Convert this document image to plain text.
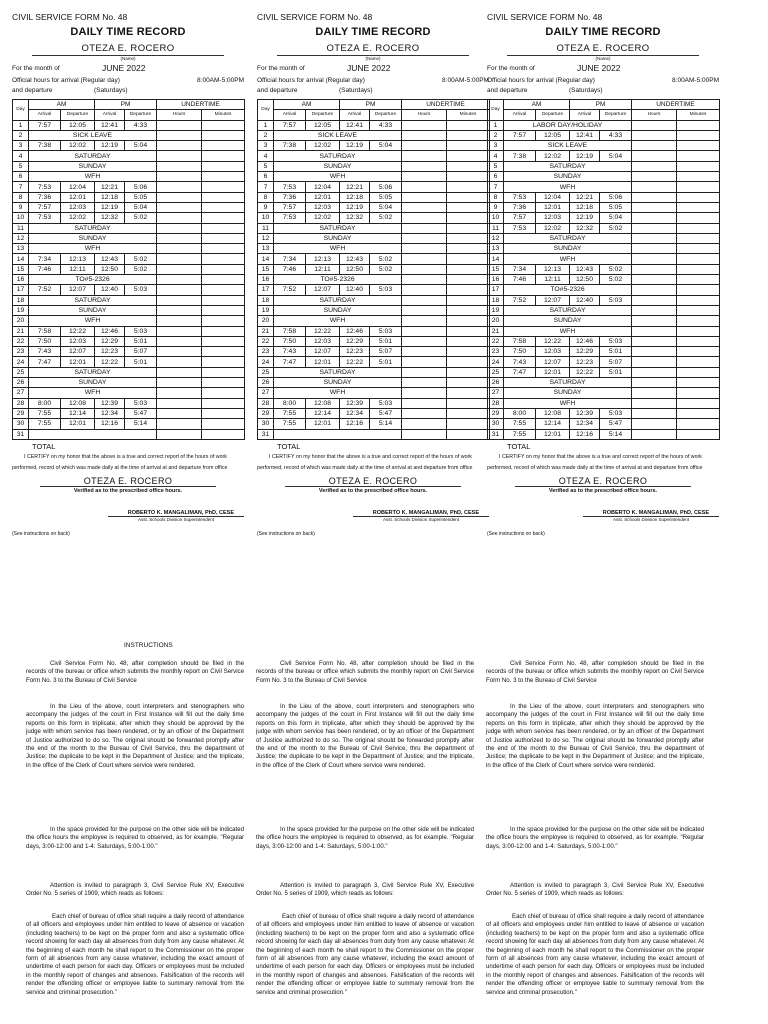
CIVIL SERVICE FORM No. 48
DAILY TIME RECORD
OTEZA E. ROCERO
(Name)
For the month of	JUNE 2022
Official hours for arrival (Regular day)	8:00AM-5:00PM
and departure	(Saturdays)
Day	AM		PM		UNDERTIME	
	Arrival	Departure	Arrival	Departure	Hours	Minutes
1	7:57	12:05	12:41	4:33		
2	SICK LEAVE					
3	7:38	12:02	12:19	5:04		
4	SATURDAY					
5	SUNDAY					
6	WFH					
7	7:53	12:04	12:21	5:06		
8	7:36	12:01	12:18	5:05		
9	7:57	12:03	12:19	5:04		
10	7:53	12:02	12:32	5:02		
11	SATURDAY					
12	SUNDAY					
13	WFH					
14	7:34	12:13	12:43	5:02		
15	7:46	12:11	12:50	5:02		
16	TO#5-2326					
17	7:52	12:07	12:40	5:03		
18	SATURDAY					
19	SUNDAY					
20	WFH					
21	7:58	12:22	12:46	5:03		
22	7:50	12:03	12:29	5:01		
23	7:43	12:07	12:23	5:07		
24	7:47	12:01	12:22	5:01		
25	SATURDAY					
26	SUNDAY					
27	WFH					
28	8:00	12:08	12:39	5:03		
29	7:55	12:14	12:34	5:47		
30	7:55	12:01	12:16	5:14		
31						
TOTAL
I CERTIFY on my honor that the above is a true and correct report of the hours of work performed, record of which was made daily at the time of arrival at and departure from office
OTEZA E. ROCERO
Verified as to the prescribed office hours.
ROBERTO K. MANGALIMAN, PhD, CESE
Asst. Schools Division Superintendent
(See instructions on back)
CIVIL SERVICE FORM No. 48
DAILY TIME RECORD
OTEZA E. ROCERO
(Name)
For the month of	JUNE 2022
Official hours for arrival (Regular day)	8:00AM-5:00PM
and departure	(Saturdays)
Day	AM		PM		UNDERTIME	
	Arrival	Departure	Arrival	Departure	Hours	Minutes
1	7:57	12:05	12:41	4:33		
2	SICK LEAVE					
3	7:38	12:02	12:19	5:04		
4	SATURDAY					
5	SUNDAY					
6	WFH					
7	7:53	12:04	12:21	5:06		
8	7:36	12:01	12:18	5:05		
9	7:57	12:03	12:19	5:04		
10	7:53	12:02	12:32	5:02		
11	SATURDAY					
12	SUNDAY					
13	WFH					
14	7:34	12:13	12:43	5:02		
15	7:46	12:11	12:50	5:02		
16	TO#5-2326					
17	7:52	12:07	12:40	5:03		
18	SATURDAY					
19	SUNDAY					
20	WFH					
21	7:58	12:22	12:46	5:03		
22	7:50	12:03	12:29	5:01		
23	7:43	12:07	12:23	5:07		
24	7:47	12:01	12:22	5:01		
25	SATURDAY					
26	SUNDAY					
27	WFH					
28	8:00	12:08	12:39	5:03		
29	7:55	12:14	12:34	5:47		
30	7:55	12:01	12:16	5:14		
31						
TOTAL
I CERTIFY on my honor that the above is a true and correct report of the hours of work performed, record of which was made daily at the time of arrival at and departure from office
OTEZA E. ROCERO
Verified as to the prescribed office hours.
ROBERTO K. MANGALIMAN, PhD, CESE
Asst. Schools Division Superintendent
(See instructions on back)
CIVIL SERVICE FORM No. 48
DAILY TIME RECORD
OTEZA E. ROCERO
(Name)
For the month of	JUNE 2022
Official hours for arrival (Regular day)	8:00AM-5:00PM
and departure	(Saturdays)
Day	AM		PM		UNDERTIME	
	Arrival	Departure	Arrival	Departure	Hours	Minutes
1	LABOR DAY/HOLIDAY					
2	7:57	12:05	12:41	4:33		
3	SICK LEAVE					
4	7:38	12:02	12:19	5:04		
5	SATURDAY					
6	SUNDAY					
7	WFH					
8	7:53	12:04	12:21	5:06		
9	7:36	12:01	12:18	5:05		
10	7:57	12:03	12:19	5:04		
11	7:53	12:02	12:32	5:02		
12	SATURDAY					
13	SUNDAY					
14	WFH					
15	7:34	12:13	12:43	5:02		
16	7:46	12:11	12:50	5:02		
17	TO#5-2326					
18	7:52	12:07	12:40	5:03		
19	SATURDAY					
20	SUNDAY					
21	WFH					
22	7:58	12:22	12:46	5:03		
23	7:50	12:03	12:29	5:01		
24	7:43	12:07	12:23	5:07		
25	7:47	12:01	12:22	5:01		
26	SATURDAY					
27	SUNDAY					
28	WFH					
29	8:00	12:08	12:39	5:03		
30	7:55	12:14	12:34	5:47		
31	7:55	12:01	12:16	5:14		
TOTAL
I CERTIFY on my honor that the above is a true and correct report of the hours of work performed, record of which was made daily at the time of arrival at and departure from office
OTEZA E. ROCERO
Verified as to the prescribed office hours.
ROBERTO K. MANGALIMAN, PhD, CESE
Asst. Schools Division Superintendent
(See instructions on back)
INSTRUCTIONS

Civil Service Form No. 48, after completion should be filed in the records of the bureau or office which submits the monthly report on Civil Service Form No. 3 to the Bureau of Civil Service

In the Lieu of the above, court interpreters and stenographers who accompany the judges of the court in First Instance will fill out the daily time reports on this form in triplicate, after which they should be approved by the judge with whom service has been rendered, or by an officer of the Department of Justice authorized to do so. The original should be forwarded promptly after the end of the month to the Bureau of Civil Service, thru the department of Justice; the duplicate to be kept in the Department of Justice; and the triplicate, in the office of the Clerk of Court where service were rendered.

In the space provided for the purpose on the other side will be indicated the office hours the employee is required to observed, as for example. "Regular days, 3:00-12:00 and 1-4: Saturdays, 5:00-1:00."

Attention is invited to paragraph 3, Civil Service Rule XV, Executive Order No. 5 series of 1909, which reads as follows:

Each chief of bureau of office shall require a daily record of attendance of all officers and employees under him entitled to leave of absence or vacation (including teachers) to be kept on the proper form and also a systematic office record showing for each day all absences from duty from any cause whatever. At the beginning of each month he shall report to the Commissioner on the proper form of all absences from any cause whatever, including the exact amount of undertime of each person for each day. Officers or employees must be included in the monthly report of changes and absences. Falsification of the records will render the offending officer or employee liable to summary removal from the service and criminal prosecution."

Civil Service Form No. 48, after completion should be filed in the records of the bureau or office which submits the monthly report on Civil Service Form No. 3 to the Bureau of Civil Service

In the Lieu of the above, court interpreters and stenographers who accompany the judges of the court in First Instance will fill out the daily time reports on this form in triplicate, after which they should be approved by the judge with whom service has been rendered, or by an officer of the Department of Justice authorized to do so. The original should be forwarded promptly after the end of the month to the Bureau of Civil Service, thru the department of Justice; the duplicate to be kept in the Department of Justice; and the triplicate, in the office of the Clerk of Court where service were rendered.

In the space provided for the purpose on the other side will be indicated the office hours the employee is required to observed, as for example. "Regular days, 3:00-12:00 and 1-4: Saturdays, 5:00-1:00."

Attention is invited to paragraph 3, Civil Service Rule XV, Executive Order No. 5 series of 1909, which reads as follows:

Each chief of bureau of office shall require a daily record of attendance of all officers and employees under him entitled to leave of absence or vacation (including teachers) to be kept on the proper form and also a systematic office record showing for each day all absences from duty from any cause whatever. At the beginning of each month he shall report to the Commissioner on the proper form of all absences from any cause whatever, including the exact amount of undertime of each person for each day. Officers or employees must be included in the monthly report of changes and absences. Falsification of the records will render the offending officer or employee liable to summary removal from the service and criminal prosecution."

Civil Service Form No. 48, after completion should be filed in the records of the bureau or office which submits the monthly report on Civil Service Form No. 3 to the Bureau of Civil Service

In the Lieu of the above, court interpreters and stenographers who accompany the judges of the court in First Instance will fill out the daily time reports on this form in triplicate, after which they should be approved by the judge with whom service has been rendered, or by an officer of the Department of Justice authorized to do so. The original should be forwarded promptly after the end of the month to the Bureau of Civil Service, thru the department of Justice; the duplicate to be kept in the Department of Justice; and the triplicate, in the office of the Clerk of Court where service were rendered.

In the space provided for the purpose on the other side will be indicated the office hours the employee is required to observed, as for example. "Regular days, 3:00-12:00 and 1-4: Saturdays, 5:00-1:00."

Attention is invited to paragraph 3, Civil Service Rule XV, Executive Order No. 5 series of 1909, which reads as follows:

Each chief of bureau of office shall require a daily record of attendance of all officers and employees under him entitled to leave of absence or vacation (including teachers) to be kept on the proper form and also a systematic office record showing for each day all absences from duty from any cause whatever. At the beginning of each month he shall report to the Commissioner on the proper form of all absences from any cause whatever, including the exact amount of undertime of each person for each day. Officers or employees must be included in the monthly report of changes and absences. Falsification of the records will render the offending officer or employee liable to summary removal from the service and criminal prosecution."
